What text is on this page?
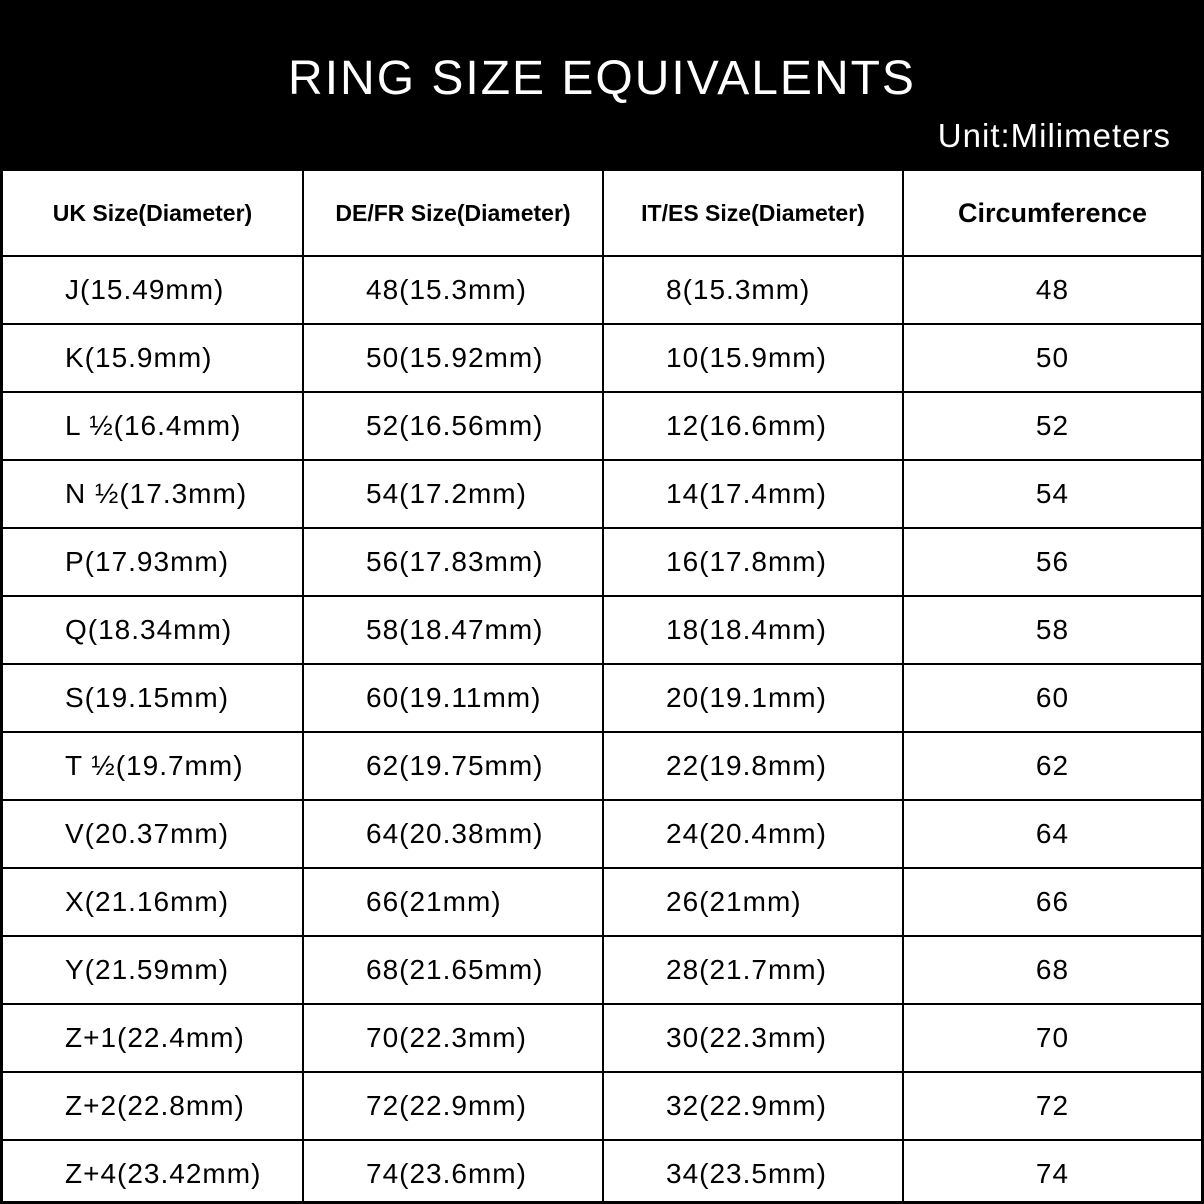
RING SIZE EQUIVALENTS
Unit:Milimeters
UK Size(Diameter)	DE/FR Size(Diameter)	IT/ES Size(Diameter)	Circumference
J(15.49mm)	48(15.3mm)	8(15.3mm)	48
K(15.9mm)	50(15.92mm)	10(15.9mm)	50
L ½(16.4mm)	52(16.56mm)	12(16.6mm)	52
N ½(17.3mm)	54(17.2mm)	14(17.4mm)	54
P(17.93mm)	56(17.83mm)	16(17.8mm)	56
Q(18.34mm)	58(18.47mm)	18(18.4mm)	58
S(19.15mm)	60(19.11mm)	20(19.1mm)	60
T ½(19.7mm)	62(19.75mm)	22(19.8mm)	62
V(20.37mm)	64(20.38mm)	24(20.4mm)	64
X(21.16mm)	66(21mm)	26(21mm)	66
Y(21.59mm)	68(21.65mm)	28(21.7mm)	68
Z+1(22.4mm)	70(22.3mm)	30(22.3mm)	70
Z+2(22.8mm)	72(22.9mm)	32(22.9mm)	72
Z+4(23.42mm)	74(23.6mm)	34(23.5mm)	74
